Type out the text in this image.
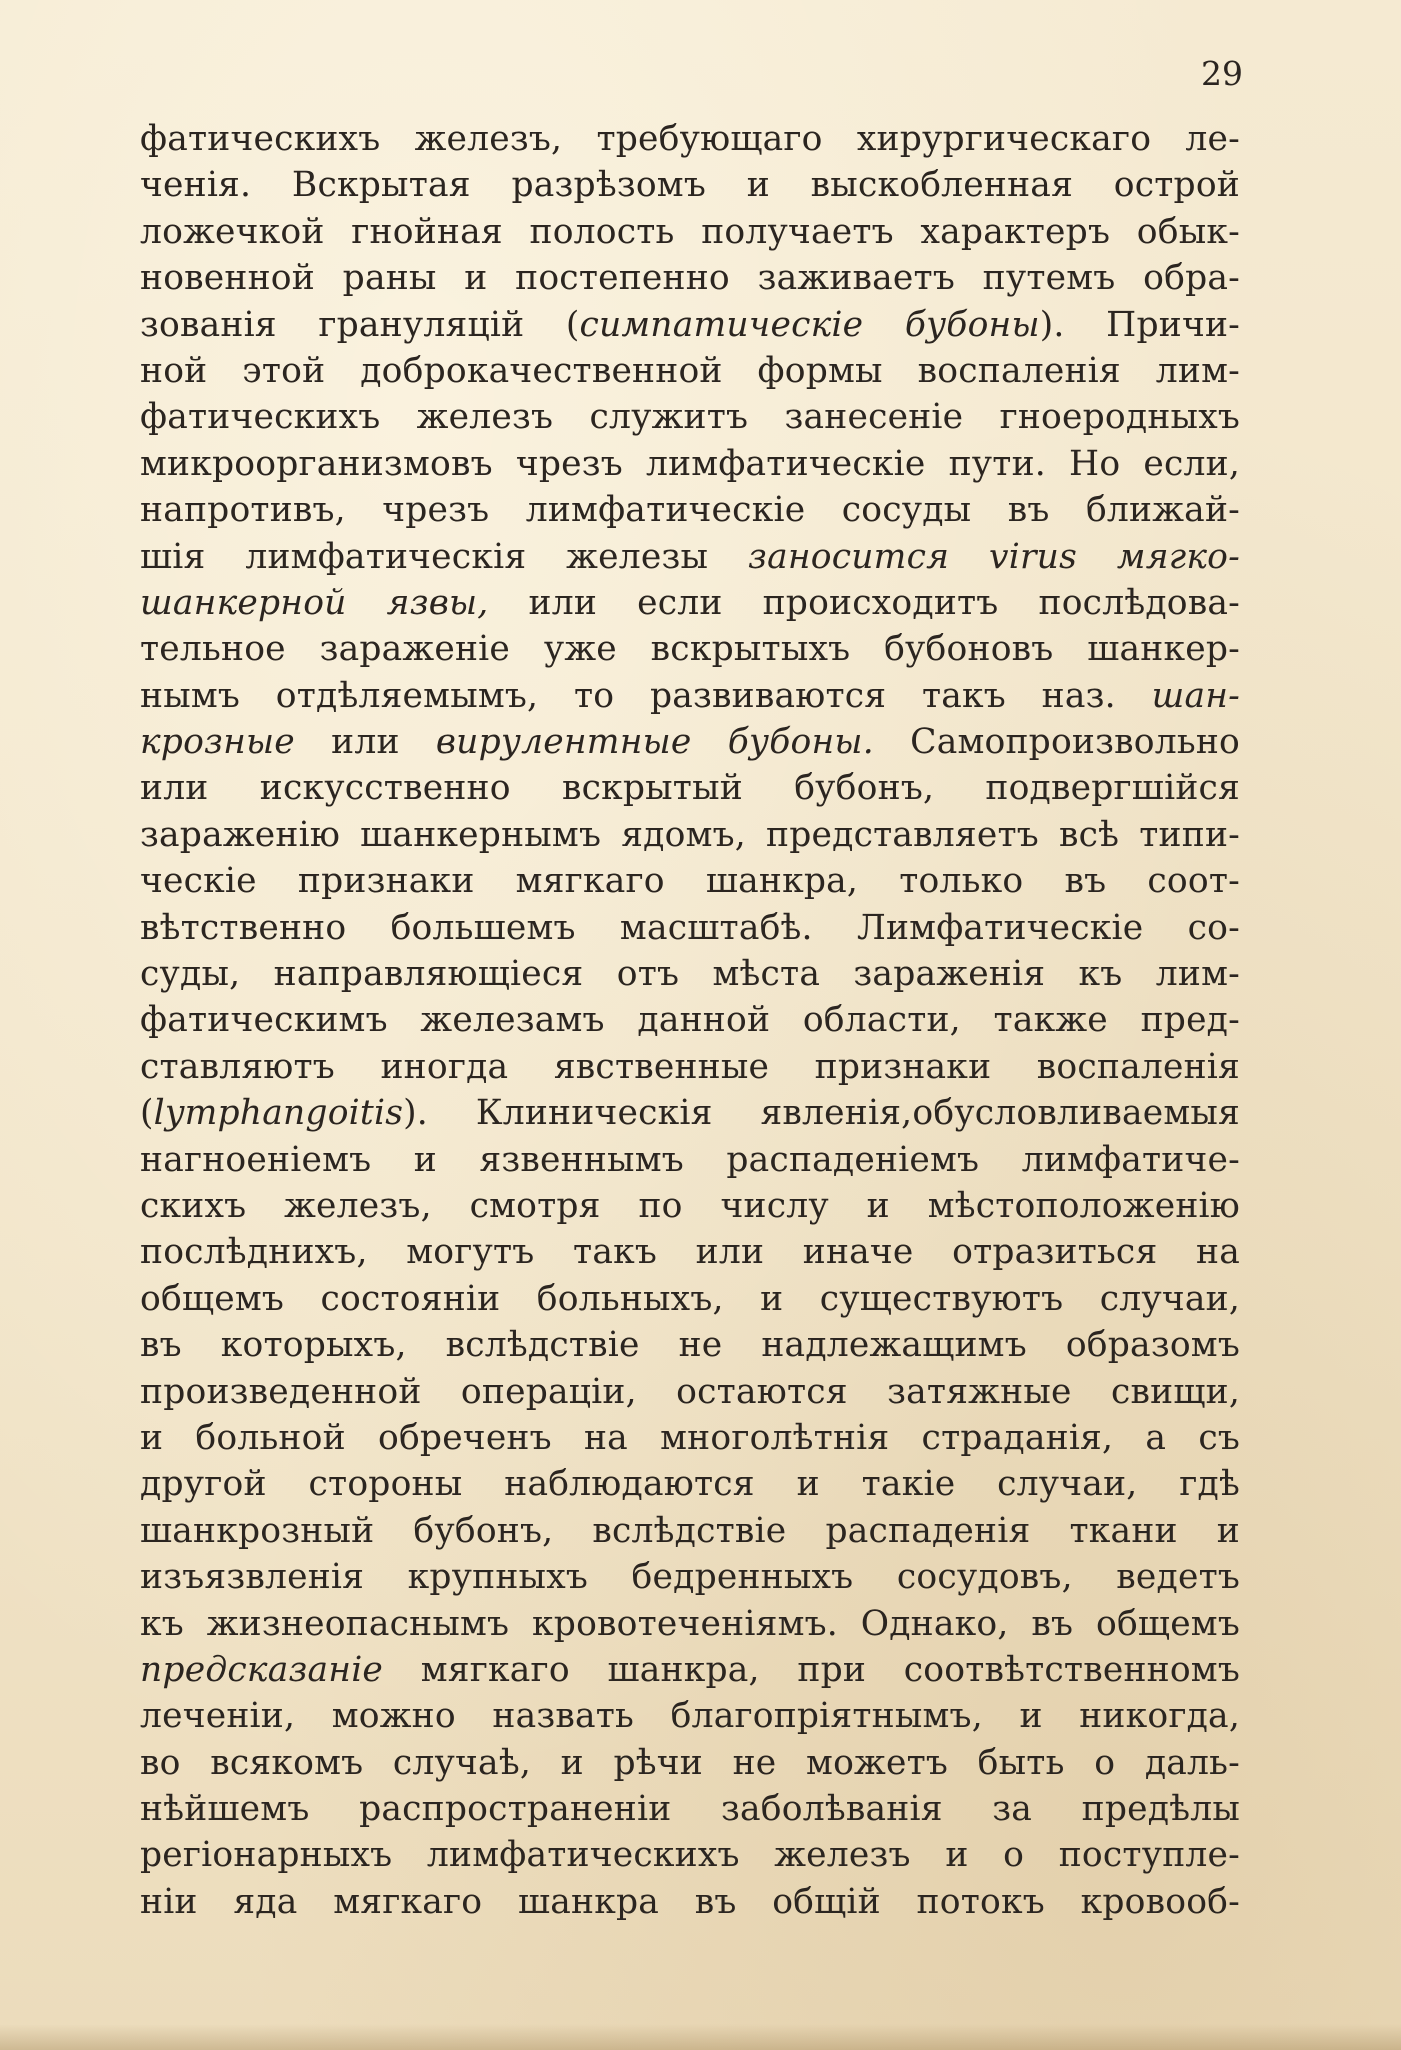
29
фатическихъ железъ, требующаго хирургическаго ле-
ченія. Вскрытая разрѣзомъ и выскобленная острой
ложечкой гнойная полость получаетъ характеръ обык-
новенной раны и постепенно заживаетъ путемъ обра-
зованія грануляцій (симпатическіе бубоны). Причи-
ной этой доброкачественной формы воспаленія лим-
фатическихъ железъ служитъ занесеніе гноеродныхъ
микроорганизмовъ чрезъ лимфатическіе пути. Но если,
напротивъ, чрезъ лимфатическіе сосуды въ ближай-
шія лимфатическія железы заносится virus мягко-
шанкерной язвы, или если происходитъ послѣдова-
тельное зараженіе уже вскрытыхъ бубоновъ шанкер-
нымъ отдѣляемымъ, то развиваются такъ наз. шан-
крозные или вирулентные бубоны. Самопроизвольно
или искусственно вскрытый бубонъ, подвергшійся
зараженію шанкернымъ ядомъ, представляетъ всѣ типи-
ческіе признаки мягкаго шанкра, только въ соот-
вѣтственно большемъ масштабѣ. Лимфатическіе со-
суды, направляющіеся отъ мѣста зараженія къ лим-
фатическимъ железамъ данной области, также пред-
ставляютъ иногда явственные признаки воспаленія
(lymphangoitis). Клиническія явленія,обусловливаемыя
нагноеніемъ и язвеннымъ распаденіемъ лимфатиче-
скихъ железъ, смотря по числу и мѣстоположенію
послѣднихъ, могутъ такъ или иначе отразиться на
общемъ состояніи больныхъ, и существуютъ случаи,
въ которыхъ, вслѣдствіе не надлежащимъ образомъ
произведенной операціи, остаются затяжные свищи,
и больной обреченъ на многолѣтнія страданія, а съ
другой стороны наблюдаются и такіе случаи, гдѣ
шанкрозный бубонъ, вслѣдствіе распаденія ткани и
изъязвленія крупныхъ бедренныхъ сосудовъ, ведетъ
къ жизнеопаснымъ кровотеченіямъ. Однако, въ общемъ
предсказаніе мягкаго шанкра, при соотвѣтственномъ
леченіи, можно назвать благопріятнымъ, и никогда,
во всякомъ случаѣ, и рѣчи не можетъ быть о даль-
нѣйшемъ распространеніи заболѣванія за предѣлы
регіонарныхъ лимфатическихъ железъ и о поступле-
ніи яда мягкаго шанкра въ общій потокъ кровооб-
